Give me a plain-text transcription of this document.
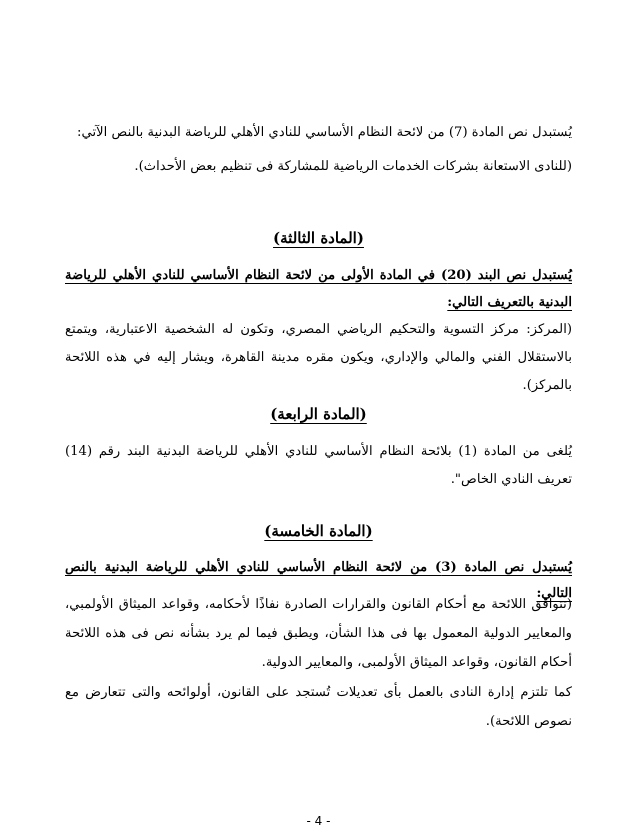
يُستبدل نص المادة (7) من لائحة النظام الأساسي للنادي الأهلي للرياضة البدنية بالنص الآتي:
(للنادى الاستعانة بشركات الخدمات الرياضية للمشاركة فى تنظيم بعض الأحداث).
(المادة الثالثة)
يُستبدل نص البند (20) في المادة الأولى من لائحة النظام الأساسي للنادي الأهلي للرياضة البدنية بالتعريف التالي:
(المركز: مركز التسوية والتحكيم الرياضي المصري، وتكون له الشخصية الاعتبارية، ويتمتع بالاستقلال الفني والمالي والإداري، ويكون مقره مدينة القاهرة، ويشار إليه في هذه اللائحة بالمركز).
(المادة الرابعة)
يُلغى من المادة (1) بلائحة النظام الأساسي للنادي الأهلي للرياضة البدنية البند رقم (14) تعريف النادي الخاص".
(المادة الخامسة)
يُستبدل نص المادة (3) من لائحة النظام الأساسي للنادي الأهلي للرياضة البدنية بالنص التالي:
(تتوافق اللائحة مع أحكام القانون والقرارات الصادرة نفاذًا لأحكامه، وقواعد الميثاق الأولمبي، والمعايير الدولية المعمول بها فى هذا الشأن، ويطبق فيما لم يرد بشأنه نص فى هذه اللائحة أحكام القانون، وقواعد الميثاق الأولمبى، والمعايير الدولية.
كما تلتزم إدارة النادى بالعمل بأى تعديلات تُستجد على القانون، أولوائحه والتى تتعارض مع نصوص اللائحة).
- 4 -
